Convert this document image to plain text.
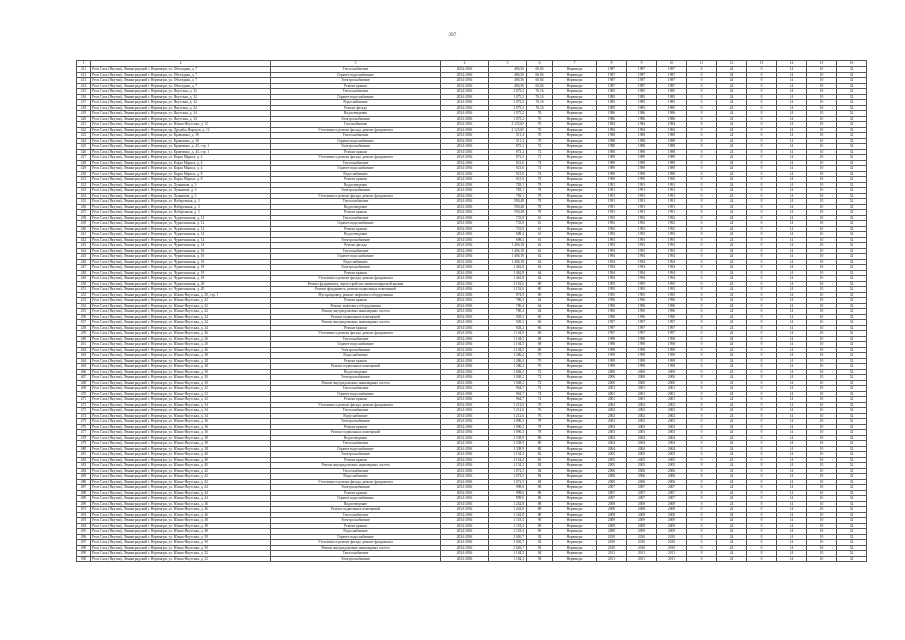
397
1	2	3	4	5	6	7	8	9	10	11	12	13	14	15	16
411	Респ.Саха (Якутия), Ленинградский г. Нерюнгри, ул. Объездная, д. 7	Теплоснабжение	2034-2036	486,56	60,84	Нерюнгри	1987	1987	1987	0	24	0	14	10	32
412	Респ.Саха (Якутия), Ленинградский г. Нерюнгри, ул. Объездная, д. 7	Горячее водоснабжение	2034-2036	486,56	60,84	Нерюнгри	1987	1987	1987	0	24	0	14	10	32
413	Респ.Саха (Якутия), Ленинградский г. Нерюнгри, ул. Объездная, д. 7	Электроснабжение	2034-2036	486,56	60,84	Нерюнгри	1987	1987	1987	0	24	0	14	10	32
414	Респ.Саха (Якутия), Ленинградский г. Нерюнгри, ул. Объездная, д. 7	Ремонт крыши	2034-2036	486,56	60,84	Нерюнгри	1987	1987	1987	0	24	0	14	10	32
415	Респ.Саха (Якутия), Ленинградский г. Нерюнгри, ул. Якутская, д. 32	Теплоснабжение	2034-2036	1 075,2	76,16	Нерюнгри	1985	1985	1985	0	24	0	14	10	32
416	Респ.Саха (Якутия), Ленинградский г. Нерюнгри, ул. Якутская, д. 32	Горячее водоснабжение	2034-2036	1 075,2	76,16	Нерюнгри	1985	1985	1985	0	24	0	14	10	32
417	Респ.Саха (Якутия), Ленинградский г. Нерюнгри, ул. Якутская, д. 32	Водоснабжение	2034-2036	1 075,2	76,16	Нерюнгри	1985	1985	1985	0	24	0	14	10	32
418	Респ.Саха (Якутия), Ленинградский г. Нерюнгри, ул. Якутская, д. 32	Ремонт фасада	2034-2036	1 075,2	76,16	Нерюнгри	1985	1985	1985	0	24	0	14	10	32
419	Респ.Саха (Якутия), Ленинградский г. Нерюнгри, ул. Якутская, д. 34	Водоотведение	2034-2036	1 075,2	76	Нерюнгри	1986	1986	1986	0	24	0	14	10	32
420	Респ.Саха (Якутия), Ленинградский г. Нерюнгри, ул. Якутская, д. 34	Электроснабжение	2034-2036	1 075,2	76	Нерюнгри	1986	1986	1986	0	24	0	14	10	32
421	Респ.Саха (Якутия), Ленинградский г. Нерюнгри, ул. Южно-Якутская, д. 12	Газоснабжение	2034-2036	2 125,65	70	Нерюнгри	1984	1984	1984	0	24	0	14	10	32
422	Респ.Саха (Якутия), Ленинградский г. Нерюнгри, пр. Дружбы Народов, д. 12	Утепление и ремонт фасада, ремонт фундамента	2034-2036	2 125,65	70	Нерюнгри	1984	1984	1984	0	24	0	14	10	32
423	Респ.Саха (Якутия), Ленинградский г. Нерюнгри, ул. Кравченко, д. 38	Теплоснабжение	2034-2036	511,4	70	Нерюнгри	1988	1988	1988	0	24	0	14	10	32
424	Респ.Саха (Якутия), Ленинградский г. Нерюнгри, ул. Кравченко, д. 38	Горячее водоснабжение	2034-2036	511,4	70	Нерюнгри	1988	1988	1988	0	24	0	14	10	32
425	Респ.Саха (Якутия), Ленинградский г. Нерюнгри, ул. Кравченко, д. 43, стр. 1	Электроснабжение	2034-2036	873,2	72	Нерюнгри	1988	1988	1988	0	24	0	14	10	32
426	Респ.Саха (Якутия), Ленинградский г. Нерюнгри, ул. Кравченко, д. 43, стр. 1	Ремонт крыши	2034-2036	873,2	72	Нерюнгри	1988	1988	1988	0	24	0	14	10	32
427	Респ.Саха (Якутия), Ленинградский г. Нерюнгри, ул. Карла Маркса, д. 4	Утепление и ремонт фасада, ремонт фундамента	2034-2036	873,2	72	Нерюнгри	1989	1989	1989	0	24	0	14	10	32
428	Респ.Саха (Якутия), Ленинградский г. Нерюнгри, ул. Карла Маркса, д. 4	Теплоснабжение	2034-2036	921,6	74	Нерюнгри	1989	1989	1989	0	24	0	14	10	32
429	Респ.Саха (Якутия), Ленинградский г. Нерюнгри, ул. Карла Маркса, д. 4	Горячее водоснабжение	2034-2036	921,6	74	Нерюнгри	1989	1989	1989	0	24	0	14	10	32
430	Респ.Саха (Якутия), Ленинградский г. Нерюнгри, ул. Карла Маркса, д. 8	Водоснабжение	2034-2036	921,6	74	Нерюнгри	1990	1990	1990	0	24	0	14	10	32
431	Респ.Саха (Якутия), Ленинградский г. Нерюнгри, ул. Карла Маркса, д. 8	Ремонт крыши	2034-2036	921,6	74	Нерюнгри	1990	1990	1990	0	24	0	14	10	32
432	Респ.Саха (Якутия), Ленинградский г. Нерюнгри, ул. Лужников, д. 3	Водоотведение	2034-2036	783,1	78	Нерюнгри	1991	1991	1991	0	24	0	14	10	32
433	Респ.Саха (Якутия), Ленинградский г. Нерюнгри, ул. Лужников, д. 3	Электроснабжение	2034-2036	783,1	78	Нерюнгри	1991	1991	1991	0	24	0	14	10	32
434	Респ.Саха (Якутия), Ленинградский г. Нерюнгри, ул. Лужников, д. 3	Утепление и ремонт фасада, ремонт фундамента	2034-2036	783,1	78	Нерюнгри	1991	1991	1991	0	24	0	14	10	32
435	Респ.Саха (Якутия), Ленинградский г. Нерюнгри, ул. Набережная, д. 3	Теплоснабжение	2034-2036	590,48	78	Нерюнгри	1991	1991	1991	0	24	0	14	10	32
436	Респ.Саха (Якутия), Ленинградский г. Нерюнгри, ул. Набережная, д. 3	Водоотведение	2034-2036	590,48	78	Нерюнгри	1991	1991	1991	0	24	0	14	10	32
437	Респ.Саха (Якутия), Ленинградский г. Нерюнгри, ул. Набережная, д. 3	Ремонт крыши	2034-2036	590,48	78	Нерюнгри	1991	1991	1991	0	24	0	14	10	32
438	Респ.Саха (Якутия), Ленинградский г. Нерюнгри, ул. Чурапчинская, д. 12	Теплоснабжение	2034-2036	733,8	61	Нерюнгри	1992	1992	1992	0	24	0	14	10	32
439	Респ.Саха (Якутия), Ленинградский г. Нерюнгри, ул. Чурапчинская, д. 12	Горячее водоснабжение	2034-2036	733,8	61	Нерюнгри	1992	1992	1992	0	24	0	14	10	32
440	Респ.Саха (Якутия), Ленинградский г. Нерюнгри, ул. Чурапчинская, д. 12	Ремонт крыши	2034-2036	733,8	61	Нерюнгри	1992	1992	1992	0	24	0	14	10	32
441	Респ.Саха (Якутия), Ленинградский г. Нерюнгри, ул. Чурапчинская, д. 14	Водоотведение	2034-2036	698,4	61	Нерюнгри	1993	1993	1993	0	24	0	14	10	32
442	Респ.Саха (Якутия), Ленинградский г. Нерюнгри, ул. Чурапчинская, д. 14	Электроснабжение	2034-2036	698,4	61	Нерюнгри	1993	1993	1993	0	24	0	14	10	32
443	Респ.Саха (Якутия), Ленинградский г. Нерюнгри, ул. Чурапчинская, д. 14	Ремонт фасада	2034-2036	1 406,18	62	Нерюнгри	1993	1993	1993	0	24	0	14	10	32
444	Респ.Саха (Якутия), Ленинградский г. Нерюнгри, ул. Чурапчинская, д. 16	Теплоснабжение	2034-2036	1 406,18	62	Нерюнгри	1993	1993	1993	0	24	0	14	10	32
445	Респ.Саха (Якутия), Ленинградский г. Нерюнгри, ул. Чурапчинская, д. 16	Горячее водоснабжение	2034-2036	1 406,18	62	Нерюнгри	1994	1994	1994	0	24	0	14	10	32
446	Респ.Саха (Якутия), Ленинградский г. Нерюнгри, ул. Чурапчинская, д. 16	Водоснабжение	2034-2036	1 406,18	62	Нерюнгри	1994	1994	1994	0	24	0	14	10	32
447	Респ.Саха (Якутия), Ленинградский г. Нерюнгри, ул. Чурапчинская, д. 18	Электроснабжение	2034-2036	1 462,8	64	Нерюнгри	1994	1994	1994	0	24	0	14	10	32
448	Респ.Саха (Якутия), Ленинградский г. Нерюнгри, ул. Чурапчинская, д. 18	Ремонт крыши	2034-2036	1 462,8	64	Нерюнгри	1994	1994	1994	0	24	0	14	10	32
449	Респ.Саха (Якутия), Ленинградский г. Нерюнгри, ул. Чурапчинская, д. 18	Утепление и ремонт фасада, ремонт фундамента	2034-2036	1 462,8	64	Нерюнгри	1994	1994	1994	0	24	0	14	10	32
450	Респ.Саха (Якутия), Ленинградский г. Нерюнгри, ул. Чурапчинская, д. 20	Ремонт фундамента, переустройство невентилируемой крыши	2034-2036	1 152,6	80	Нерюнгри	1995	1995	1995	0	24	0	14	10	32
451	Респ.Саха (Якутия), Ленинградский г. Нерюнгри, ул. Чурапчинская, д. 20	Ремонт фундамента, ремонт подвальных помещений	2034-2036	1 152,6	80	Нерюнгри	1995	1995	1995	0	24	0	14	10	32
452	Респ.Саха (Якутия), Ленинградский г. Нерюнгри, ул. Южно-Якутская, д. 20, стр. 1	Мусоропровод, ремонт лифтового оборудования	2034-2036	874,9	80	Нерюнгри	1995	1995	1995	0	24	0	14	10	32
453	Респ.Саха (Якутия), Ленинградский г. Нерюнгри, ул. Южно-Якутская, д. 22	Ремонт крыши	2034-2036	786,4	64	Нерюнгри	1996	1996	1996	0	24	0	14	10	32
454	Респ.Саха (Якутия), Ленинградский г. Нерюнгри, ул. Южно-Якутская, д. 22	Ремонт лифтового оборудования	2034-2036	786,4	64	Нерюнгри	1996	1996	1996	0	24	0	14	10	32
455	Респ.Саха (Якутия), Ленинградский г. Нерюнгри, ул. Южно-Якутская, д. 22	Ремонт внутридомовых инженерных систем	2034-2036	786,4	64	Нерюнгри	1996	1996	1996	0	24	0	14	10	32
456	Респ.Саха (Якутия), Ленинградский г. Нерюнгри, ул. Южно-Якутская, д. 24	Ремонт подвальных помещений	2034-2036	928,2	66	Нерюнгри	1996	1996	1996	0	24	0	14	10	32
457	Респ.Саха (Якутия), Ленинградский г. Нерюнгри, ул. Южно-Якутская, д. 24	Ремонт внутридомовых инженерных систем	2034-2036	928,2	66	Нерюнгри	1997	1997	1997	0	24	0	14	10	32
458	Респ.Саха (Якутия), Ленинградский г. Нерюнгри, ул. Южно-Якутская, д. 24	Ремонт крыши	2034-2036	928,2	66	Нерюнгри	1997	1997	1997	0	24	0	14	10	32
459	Респ.Саха (Якутия), Ленинградский г. Нерюнгри, ул. Южно-Якутская, д. 26	Утепление и ремонт фасада, ремонт фундамента	2034-2036	1 104,5	68	Нерюнгри	1997	1997	1997	0	24	0	14	10	32
460	Респ.Саха (Якутия), Ленинградский г. Нерюнгри, ул. Южно-Якутская, д. 26	Теплоснабжение	2034-2036	1 104,5	68	Нерюнгри	1998	1998	1998	0	24	0	14	10	32
461	Респ.Саха (Якутия), Ленинградский г. Нерюнгри, ул. Южно-Якутская, д. 26	Горячее водоснабжение	2034-2036	1 104,5	68	Нерюнгри	1998	1998	1998	0	24	0	14	10	32
462	Респ.Саха (Якутия), Ленинградский г. Нерюнгри, ул. Южно-Якутская, д. 26	Электроснабжение	2034-2036	1 104,5	68	Нерюнгри	1998	1998	1998	0	24	0	14	10	32
463	Респ.Саха (Якутия), Ленинградский г. Нерюнгри, ул. Южно-Якутская, д. 28	Водоснабжение	2034-2036	1 286,4	70	Нерюнгри	1999	1999	1999	0	24	0	14	10	32
464	Респ.Саха (Якутия), Ленинградский г. Нерюнгри, ул. Южно-Якутская, д. 28	Ремонт крыши	2034-2036	1 286,4	70	Нерюнгри	1999	1999	1999	0	24	0	14	10	32
465	Респ.Саха (Якутия), Ленинградский г. Нерюнгри, ул. Южно-Якутская, д. 28	Ремонт подвальных помещений	2034-2036	1 286,4	70	Нерюнгри	1999	1999	1999	0	24	0	14	10	32
466	Респ.Саха (Якутия), Ленинградский г. Нерюнгри, ул. Южно-Якутская, д. 30	Водоотведение	2034-2036	1 048,2	72	Нерюнгри	2000	2000	2000	0	24	0	14	10	32
467	Респ.Саха (Якутия), Ленинградский г. Нерюнгри, ул. Южно-Якутская, д. 30	Электроснабжение	2034-2036	1 048,2	72	Нерюнгри	2000	2000	2000	0	24	0	14	10	32
468	Респ.Саха (Якутия), Ленинградский г. Нерюнгри, ул. Южно-Якутская, д. 30	Ремонт внутридомовых инженерных систем	2034-2036	1 048,2	72	Нерюнгри	2000	2000	2000	0	24	0	14	10	32
469	Респ.Саха (Якутия), Ленинградский г. Нерюнгри, ул. Южно-Якутская, д. 32	Теплоснабжение	2034-2036	964,7	74	Нерюнгри	2001	2001	2001	0	24	0	14	10	32
470	Респ.Саха (Якутия), Ленинградский г. Нерюнгри, ул. Южно-Якутская, д. 32	Горячее водоснабжение	2034-2036	964,7	74	Нерюнгри	2001	2001	2001	0	24	0	14	10	32
471	Респ.Саха (Якутия), Ленинградский г. Нерюнгри, ул. Южно-Якутская, д. 32	Ремонт крыши	2034-2036	964,7	74	Нерюнгри	2001	2001	2001	0	24	0	14	10	32
472	Респ.Саха (Якутия), Ленинградский г. Нерюнгри, ул. Южно-Якутская, д. 34	Утепление и ремонт фасада, ремонт фундамента	2034-2036	1 212,6	76	Нерюнгри	2002	2002	2002	0	24	0	14	10	32
473	Респ.Саха (Якутия), Ленинградский г. Нерюнгри, ул. Южно-Якутская, д. 34	Теплоснабжение	2034-2036	1 212,6	76	Нерюнгри	2002	2002	2002	0	24	0	14	10	32
474	Респ.Саха (Якутия), Ленинградский г. Нерюнгри, ул. Южно-Якутская, д. 34	Водоснабжение	2034-2036	1 212,6	76	Нерюнгри	2002	2002	2002	0	24	0	14	10	32
475	Респ.Саха (Якутия), Ленинградский г. Нерюнгри, ул. Южно-Якутская, д. 36	Электроснабжение	2034-2036	1 096,3	78	Нерюнгри	2003	2003	2003	0	24	0	14	10	32
476	Респ.Саха (Якутия), Ленинградский г. Нерюнгри, ул. Южно-Якутская, д. 36	Ремонт крыши	2034-2036	1 096,3	78	Нерюнгри	2003	2003	2003	0	24	0	14	10	32
477	Респ.Саха (Якутия), Ленинградский г. Нерюнгри, ул. Южно-Якутская, д. 36	Ремонт подвальных помещений	2034-2036	1 096,3	78	Нерюнгри	2003	2003	2003	0	24	0	14	10	32
478	Респ.Саха (Якутия), Ленинградский г. Нерюнгри, ул. Южно-Якутская, д. 38	Водоотведение	2034-2036	1 338,9	80	Нерюнгри	2004	2004	2004	0	24	0	14	10	32
479	Респ.Саха (Якутия), Ленинградский г. Нерюнгри, ул. Южно-Якутская, д. 38	Теплоснабжение	2034-2036	1 338,9	80	Нерюнгри	2004	2004	2004	0	24	0	14	10	32
480	Респ.Саха (Якутия), Ленинградский г. Нерюнгри, ул. Южно-Якутская, д. 38	Горячее водоснабжение	2034-2036	1 338,9	80	Нерюнгри	2004	2004	2004	0	24	0	14	10	32
481	Респ.Саха (Якутия), Ленинградский г. Нерюнгри, ул. Южно-Якутская, д. 40	Электроснабжение	2034-2036	1 154,2	82	Нерюнгри	2005	2005	2005	0	24	0	14	10	32
482	Респ.Саха (Якутия), Ленинградский г. Нерюнгри, ул. Южно-Якутская, д. 40	Ремонт крыши	2034-2036	1 154,2	82	Нерюнгри	2005	2005	2005	0	24	0	14	10	32
483	Респ.Саха (Якутия), Ленинградский г. Нерюнгри, ул. Южно-Якутская, д. 40	Ремонт внутридомовых инженерных систем	2034-2036	1 154,2	82	Нерюнгри	2005	2005	2005	0	24	0	14	10	32
484	Респ.Саха (Якутия), Ленинградский г. Нерюнгри, ул. Южно-Якутская, д. 42	Теплоснабжение	2034-2036	1 072,5	84	Нерюнгри	2006	2006	2006	0	24	0	14	10	32
485	Респ.Саха (Якутия), Ленинградский г. Нерюнгри, ул. Южно-Якутская, д. 42	Водоснабжение	2034-2036	1 072,5	84	Нерюнгри	2006	2006	2006	0	24	0	14	10	32
486	Респ.Саха (Якутия), Ленинградский г. Нерюнгри, ул. Южно-Якутская, д. 42	Утепление и ремонт фасада, ремонт фундамента	2034-2036	1 072,5	84	Нерюнгри	2006	2006	2006	0	24	0	14	10	32
487	Респ.Саха (Якутия), Ленинградский г. Нерюнгри, ул. Южно-Якутская, д. 44	Электроснабжение	2034-2036	998,6	86	Нерюнгри	2007	2007	2007	0	24	0	14	10	32
488	Респ.Саха (Якутия), Ленинградский г. Нерюнгри, ул. Южно-Якутская, д. 44	Ремонт крыши	2034-2036	998,6	86	Нерюнгри	2007	2007	2007	0	24	0	14	10	32
489	Респ.Саха (Якутия), Ленинградский г. Нерюнгри, ул. Южно-Якутская, д. 44	Горячее водоснабжение	2034-2036	998,6	86	Нерюнгри	2007	2007	2007	0	24	0	14	10	32
490	Респ.Саха (Якутия), Ленинградский г. Нерюнгри, ул. Южно-Якутская, д. 46	Водоотведение	2034-2036	1 242,8	88	Нерюнгри	2008	2008	2008	0	24	0	14	10	32
491	Респ.Саха (Якутия), Ленинградский г. Нерюнгри, ул. Южно-Якутская, д. 46	Ремонт подвальных помещений	2034-2036	1 242,8	88	Нерюнгри	2008	2008	2008	0	24	0	14	10	32
492	Респ.Саха (Якутия), Ленинградский г. Нерюнгри, ул. Южно-Якутская, д. 46	Теплоснабжение	2034-2036	1 242,8	88	Нерюнгри	2008	2008	2008	0	24	0	14	10	32
493	Респ.Саха (Якутия), Ленинградский г. Нерюнгри, ул. Южно-Якутская, д. 48	Электроснабжение	2034-2036	1 118,4	90	Нерюнгри	2009	2009	2009	0	24	0	14	10	32
494	Респ.Саха (Якутия), Ленинградский г. Нерюнгри, ул. Южно-Якутская, д. 48	Ремонт крыши	2034-2036	1 118,4	90	Нерюнгри	2009	2009	2009	0	24	0	14	10	32
495	Респ.Саха (Якутия), Ленинградский г. Нерюнгри, ул. Южно-Якутская, д. 48	Водоснабжение	2034-2036	1 118,4	90	Нерюнгри	2009	2009	2009	0	24	0	14	10	32
496	Респ.Саха (Якутия), Ленинградский г. Нерюнгри, ул. Южно-Якутская, д. 50	Горячее водоснабжение	2034-2036	1 026,7	92	Нерюнгри	2010	2010	2010	0	24	0	14	10	32
497	Респ.Саха (Якутия), Ленинградский г. Нерюнгри, ул. Южно-Якутская, д. 50	Утепление и ремонт фасада, ремонт фундамента	2034-2036	1 026,7	92	Нерюнгри	2010	2010	2010	0	24	0	14	10	32
498	Респ.Саха (Якутия), Ленинградский г. Нерюнгри, ул. Южно-Якутская, д. 50	Ремонт внутридомовых инженерных систем	2034-2036	1 026,7	92	Нерюнгри	2010	2010	2010	0	24	0	14	10	32
499	Респ.Саха (Якутия), Ленинградский г. Нерюнгри, ул. Южно-Якутская, д. 52	Теплоснабжение	2034-2036	1 184,3	94	Нерюнгри	2011	2011	2011	0	24	0	14	10	32
500	Респ.Саха (Якутия), Ленинградский г. Нерюнгри, ул. Южно-Якутская, д. 52	Электроснабжение	2034-2036	1 184,3	94	Нерюнгри	2011	2011	2011	0	24	0	14	10	32
